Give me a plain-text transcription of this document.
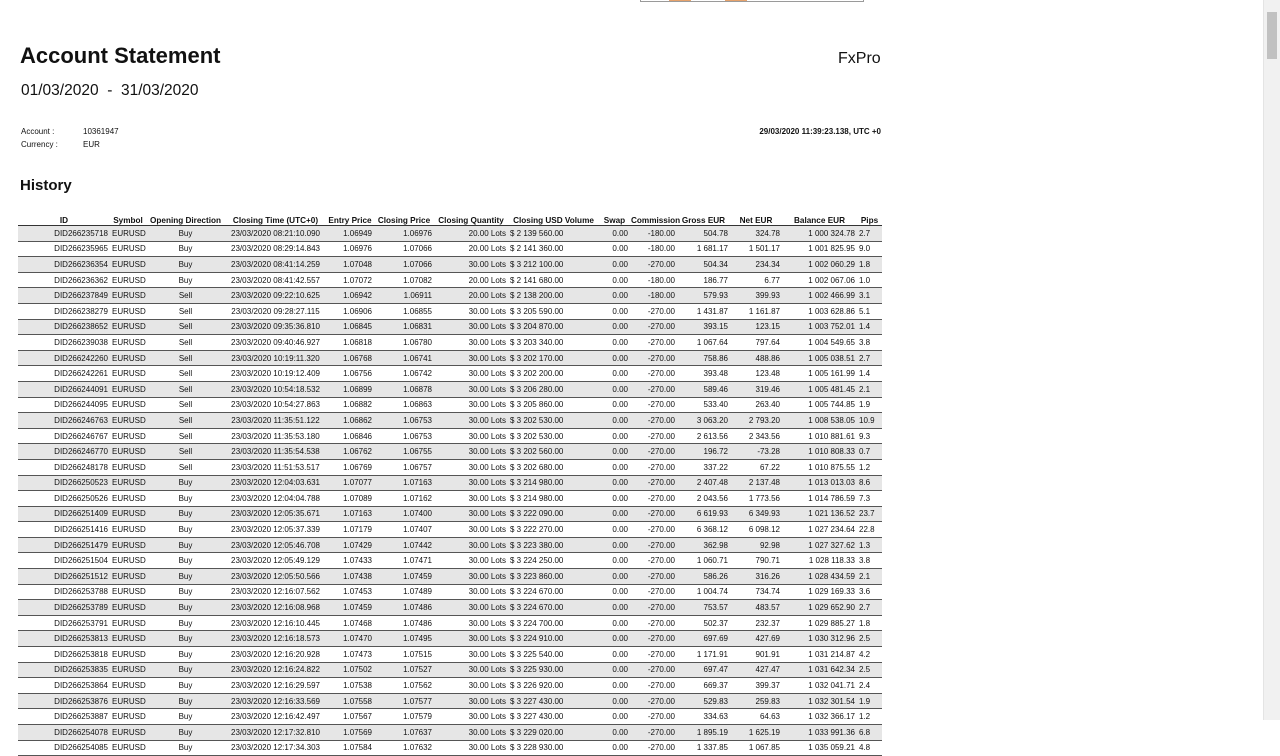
Account Statement
01/03/2020  -  31/03/2020
FxPro
Account :	10361947
Currency :	EUR
29/03/2020 11:39:23.138, UTC +0
History
ID	Symbol	Opening Direction	Closing Time (UTC+0)	Entry Price	Closing Price	Closing Quantity	Closing USD Volume	Swap	Commission	Gross EUR	Net EUR	Balance EUR	Pips
DID266235718	EURUSD	Buy	23/03/2020 08:21:10.090	1.06949	1.06976	20.00 Lots	$ 2 139 560.00	0.00	-180.00	504.78	324.78	1 000 324.78	2.7
DID266235965	EURUSD	Buy	23/03/2020 08:29:14.843	1.06976	1.07066	20.00 Lots	$ 2 141 360.00	0.00	-180.00	1 681.17	1 501.17	1 001 825.95	9.0
DID266236354	EURUSD	Buy	23/03/2020 08:41:14.259	1.07048	1.07066	30.00 Lots	$ 3 212 100.00	0.00	-270.00	504.34	234.34	1 002 060.29	1.8
DID266236362	EURUSD	Buy	23/03/2020 08:41:42.557	1.07072	1.07082	20.00 Lots	$ 2 141 680.00	0.00	-180.00	186.77	6.77	1 002 067.06	1.0
DID266237849	EURUSD	Sell	23/03/2020 09:22:10.625	1.06942	1.06911	20.00 Lots	$ 2 138 200.00	0.00	-180.00	579.93	399.93	1 002 466.99	3.1
DID266238279	EURUSD	Sell	23/03/2020 09:28:27.115	1.06906	1.06855	30.00 Lots	$ 3 205 590.00	0.00	-270.00	1 431.87	1 161.87	1 003 628.86	5.1
DID266238652	EURUSD	Sell	23/03/2020 09:35:36.810	1.06845	1.06831	30.00 Lots	$ 3 204 870.00	0.00	-270.00	393.15	123.15	1 003 752.01	1.4
DID266239038	EURUSD	Sell	23/03/2020 09:40:46.927	1.06818	1.06780	30.00 Lots	$ 3 203 340.00	0.00	-270.00	1 067.64	797.64	1 004 549.65	3.8
DID266242260	EURUSD	Sell	23/03/2020 10:19:11.320	1.06768	1.06741	30.00 Lots	$ 3 202 170.00	0.00	-270.00	758.86	488.86	1 005 038.51	2.7
DID266242261	EURUSD	Sell	23/03/2020 10:19:12.409	1.06756	1.06742	30.00 Lots	$ 3 202 200.00	0.00	-270.00	393.48	123.48	1 005 161.99	1.4
DID266244091	EURUSD	Sell	23/03/2020 10:54:18.532	1.06899	1.06878	30.00 Lots	$ 3 206 280.00	0.00	-270.00	589.46	319.46	1 005 481.45	2.1
DID266244095	EURUSD	Sell	23/03/2020 10:54:27.863	1.06882	1.06863	30.00 Lots	$ 3 205 860.00	0.00	-270.00	533.40	263.40	1 005 744.85	1.9
DID266246763	EURUSD	Sell	23/03/2020 11:35:51.122	1.06862	1.06753	30.00 Lots	$ 3 202 530.00	0.00	-270.00	3 063.20	2 793.20	1 008 538.05	10.9
DID266246767	EURUSD	Sell	23/03/2020 11:35:53.180	1.06846	1.06753	30.00 Lots	$ 3 202 530.00	0.00	-270.00	2 613.56	2 343.56	1 010 881.61	9.3
DID266246770	EURUSD	Sell	23/03/2020 11:35:54.538	1.06762	1.06755	30.00 Lots	$ 3 202 560.00	0.00	-270.00	196.72	-73.28	1 010 808.33	0.7
DID266248178	EURUSD	Sell	23/03/2020 11:51:53.517	1.06769	1.06757	30.00 Lots	$ 3 202 680.00	0.00	-270.00	337.22	67.22	1 010 875.55	1.2
DID266250523	EURUSD	Buy	23/03/2020 12:04:03.631	1.07077	1.07163	30.00 Lots	$ 3 214 980.00	0.00	-270.00	2 407.48	2 137.48	1 013 013.03	8.6
DID266250526	EURUSD	Buy	23/03/2020 12:04:04.788	1.07089	1.07162	30.00 Lots	$ 3 214 980.00	0.00	-270.00	2 043.56	1 773.56	1 014 786.59	7.3
DID266251409	EURUSD	Buy	23/03/2020 12:05:35.671	1.07163	1.07400	30.00 Lots	$ 3 222 090.00	0.00	-270.00	6 619.93	6 349.93	1 021 136.52	23.7
DID266251416	EURUSD	Buy	23/03/2020 12:05:37.339	1.07179	1.07407	30.00 Lots	$ 3 222 270.00	0.00	-270.00	6 368.12	6 098.12	1 027 234.64	22.8
DID266251479	EURUSD	Buy	23/03/2020 12:05:46.708	1.07429	1.07442	30.00 Lots	$ 3 223 380.00	0.00	-270.00	362.98	92.98	1 027 327.62	1.3
DID266251504	EURUSD	Buy	23/03/2020 12:05:49.129	1.07433	1.07471	30.00 Lots	$ 3 224 250.00	0.00	-270.00	1 060.71	790.71	1 028 118.33	3.8
DID266251512	EURUSD	Buy	23/03/2020 12:05:50.566	1.07438	1.07459	30.00 Lots	$ 3 223 860.00	0.00	-270.00	586.26	316.26	1 028 434.59	2.1
DID266253788	EURUSD	Buy	23/03/2020 12:16:07.562	1.07453	1.07489	30.00 Lots	$ 3 224 670.00	0.00	-270.00	1 004.74	734.74	1 029 169.33	3.6
DID266253789	EURUSD	Buy	23/03/2020 12:16:08.968	1.07459	1.07486	30.00 Lots	$ 3 224 670.00	0.00	-270.00	753.57	483.57	1 029 652.90	2.7
DID266253791	EURUSD	Buy	23/03/2020 12:16:10.445	1.07468	1.07486	30.00 Lots	$ 3 224 700.00	0.00	-270.00	502.37	232.37	1 029 885.27	1.8
DID266253813	EURUSD	Buy	23/03/2020 12:16:18.573	1.07470	1.07495	30.00 Lots	$ 3 224 910.00	0.00	-270.00	697.69	427.69	1 030 312.96	2.5
DID266253818	EURUSD	Buy	23/03/2020 12:16:20.928	1.07473	1.07515	30.00 Lots	$ 3 225 540.00	0.00	-270.00	1 171.91	901.91	1 031 214.87	4.2
DID266253835	EURUSD	Buy	23/03/2020 12:16:24.822	1.07502	1.07527	30.00 Lots	$ 3 225 930.00	0.00	-270.00	697.47	427.47	1 031 642.34	2.5
DID266253864	EURUSD	Buy	23/03/2020 12:16:29.597	1.07538	1.07562	30.00 Lots	$ 3 226 920.00	0.00	-270.00	669.37	399.37	1 032 041.71	2.4
DID266253876	EURUSD	Buy	23/03/2020 12:16:33.569	1.07558	1.07577	30.00 Lots	$ 3 227 430.00	0.00	-270.00	529.83	259.83	1 032 301.54	1.9
DID266253887	EURUSD	Buy	23/03/2020 12:16:42.497	1.07567	1.07579	30.00 Lots	$ 3 227 430.00	0.00	-270.00	334.63	64.63	1 032 366.17	1.2
DID266254078	EURUSD	Buy	23/03/2020 12:17:32.810	1.07569	1.07637	30.00 Lots	$ 3 229 020.00	0.00	-270.00	1 895.19	1 625.19	1 033 991.36	6.8
DID266254085	EURUSD	Buy	23/03/2020 12:17:34.303	1.07584	1.07632	30.00 Lots	$ 3 228 930.00	0.00	-270.00	1 337.85	1 067.85	1 035 059.21	4.8
